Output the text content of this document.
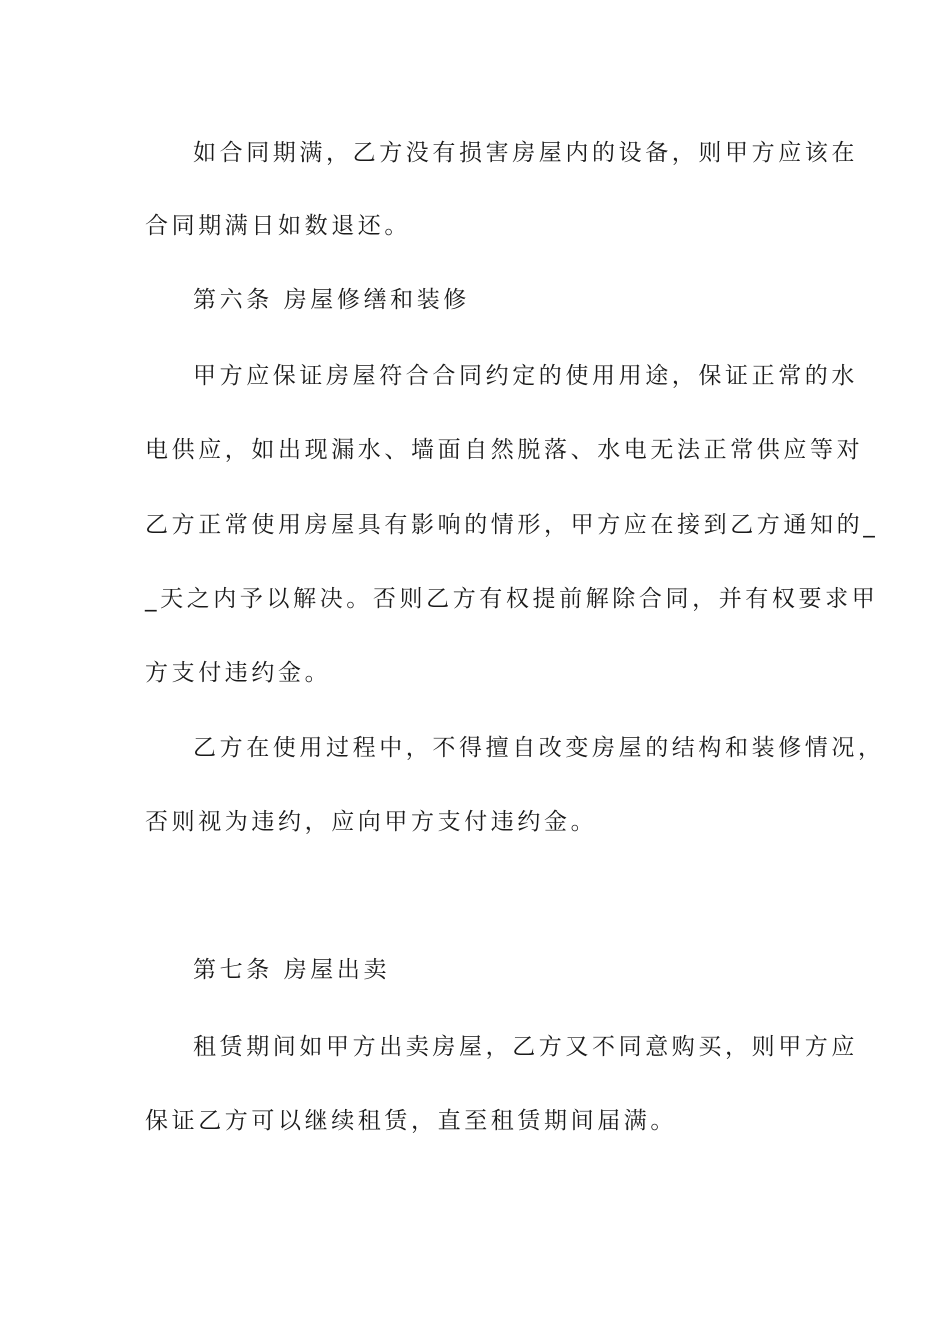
如合同期满，乙方没有损害房屋内的设备，则甲方应该在
合同期满日如数退还。
第六条 房屋修缮和装修
甲方应保证房屋符合合同约定的使用用途，保证正常的水
电供应，如出现漏水、墙面自然脱落、水电无法正常供应等对
乙方正常使用房屋具有影响的情形，甲方应在接到乙方通知的_
_天之内予以解决。否则乙方有权提前解除合同，并有权要求甲
方支付违约金。
乙方在使用过程中，不得擅自改变房屋的结构和装修情况，
否则视为违约，应向甲方支付违约金。
第七条 房屋出卖
租赁期间如甲方出卖房屋，乙方又不同意购买，则甲方应
保证乙方可以继续租赁，直至租赁期间届满。
